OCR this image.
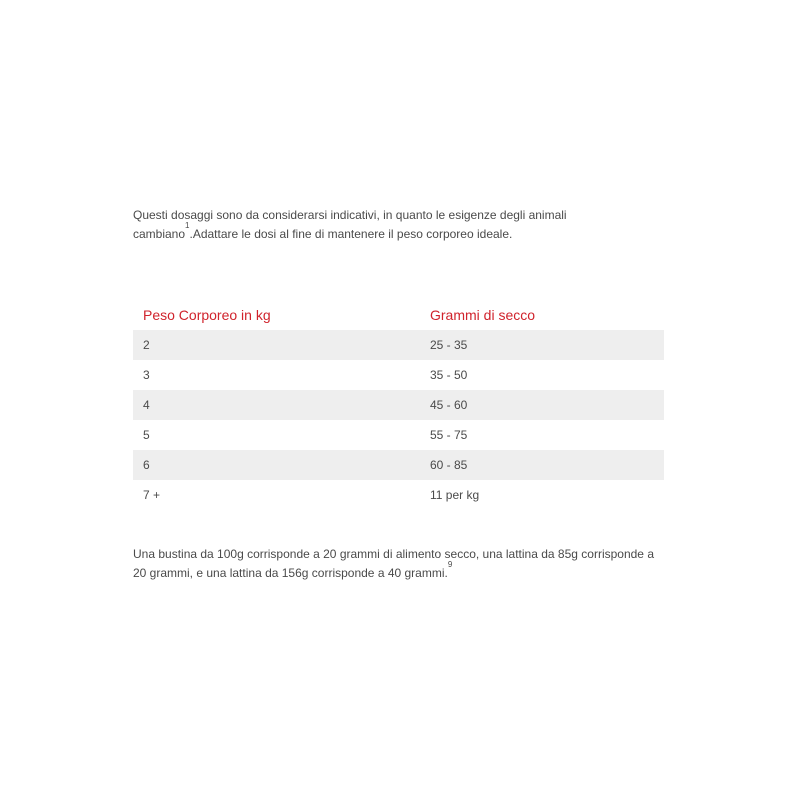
Questi dosaggi sono da considerarsi indicativi, in quanto le esigenze degli animali cambiano$^1$.Adattare le dosi al fine di mantenere il peso corporeo ideale.

Peso Corporeo in kg	Grammi di secco
2	25 - 35
3	35 - 50
4	45 - 60
5	55 - 75
6	60 - 85
7 +	11 per kg

Una bustina da 100g corrisponde a 20 grammi di alimento secco, una lattina da 85g corrisponde a 20 grammi, e una lattina da 156g corrisponde a 40 grammi.$^9$
